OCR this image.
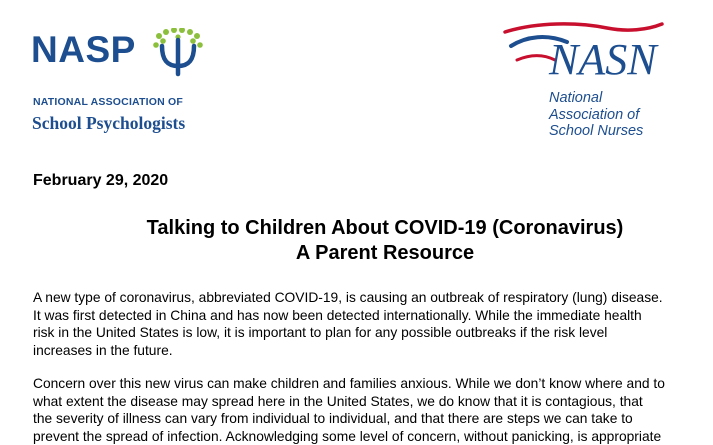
NASP
NATIONAL ASSOCIATION OF
School Psychologists
NASN
National
Association of
School Nurses
February 29, 2020
Talking to Children About COVID-19 (Coronavirus)
A Parent Resource
A new type of coronavirus, abbreviated COVID-19, is causing an outbreak of respiratory (lung) disease.
It was first detected in China and has now been detected internationally. While the immediate health
risk in the United States is low, it is important to plan for any possible outbreaks if the risk level
increases in the future.
Concern over this new virus can make children and families anxious. While we don’t know where and to
what extent the disease may spread here in the United States, we do know that it is contagious, that
the severity of illness can vary from individual to individual, and that there are steps we can take to
prevent the spread of infection. Acknowledging some level of concern, without panicking, is appropriate
